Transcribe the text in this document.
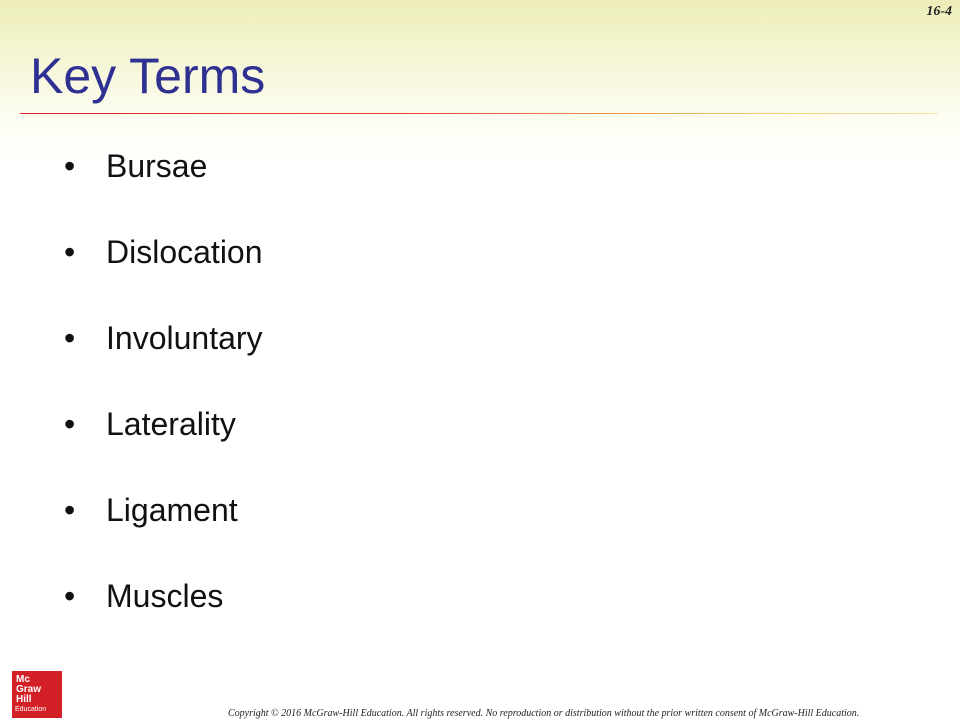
16-4
Key Terms
• Bursae
• Dislocation
• Involuntary
• Laterality
• Ligament
• Muscles
Mc
Graw
Hill
Education	Copyright © 2016 McGraw-Hill Education. All rights reserved. No reproduction or distribution without the prior written consent of McGraw-Hill Education.
